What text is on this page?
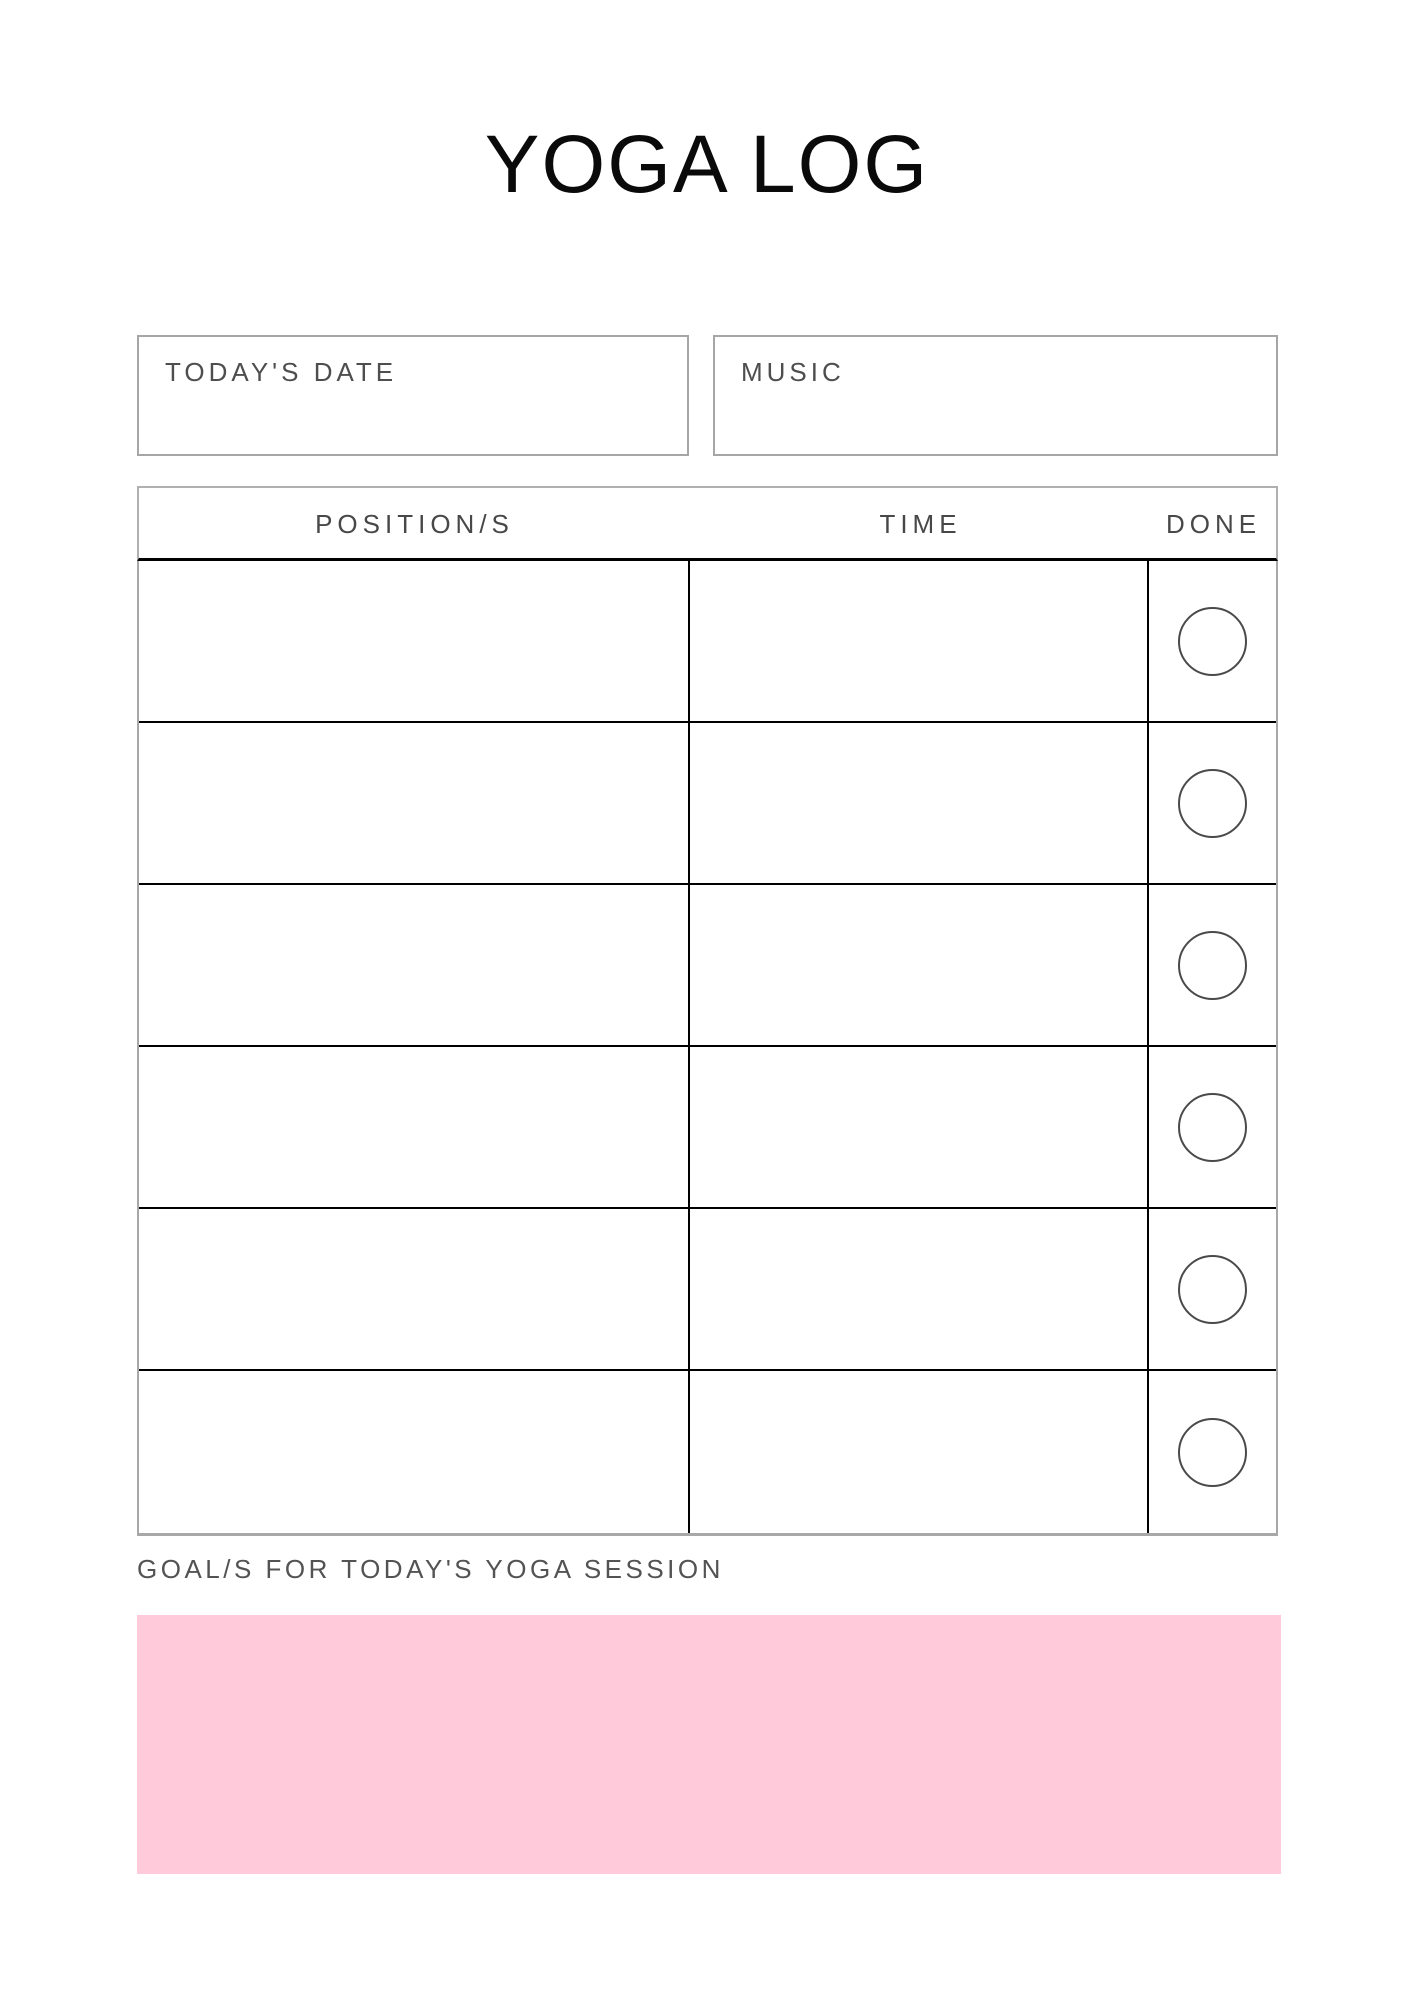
YOGA LOG
TODAY'S DATE	MUSIC
POSITION/S	TIME	DONE
GOAL/S FOR TODAY'S YOGA SESSION
